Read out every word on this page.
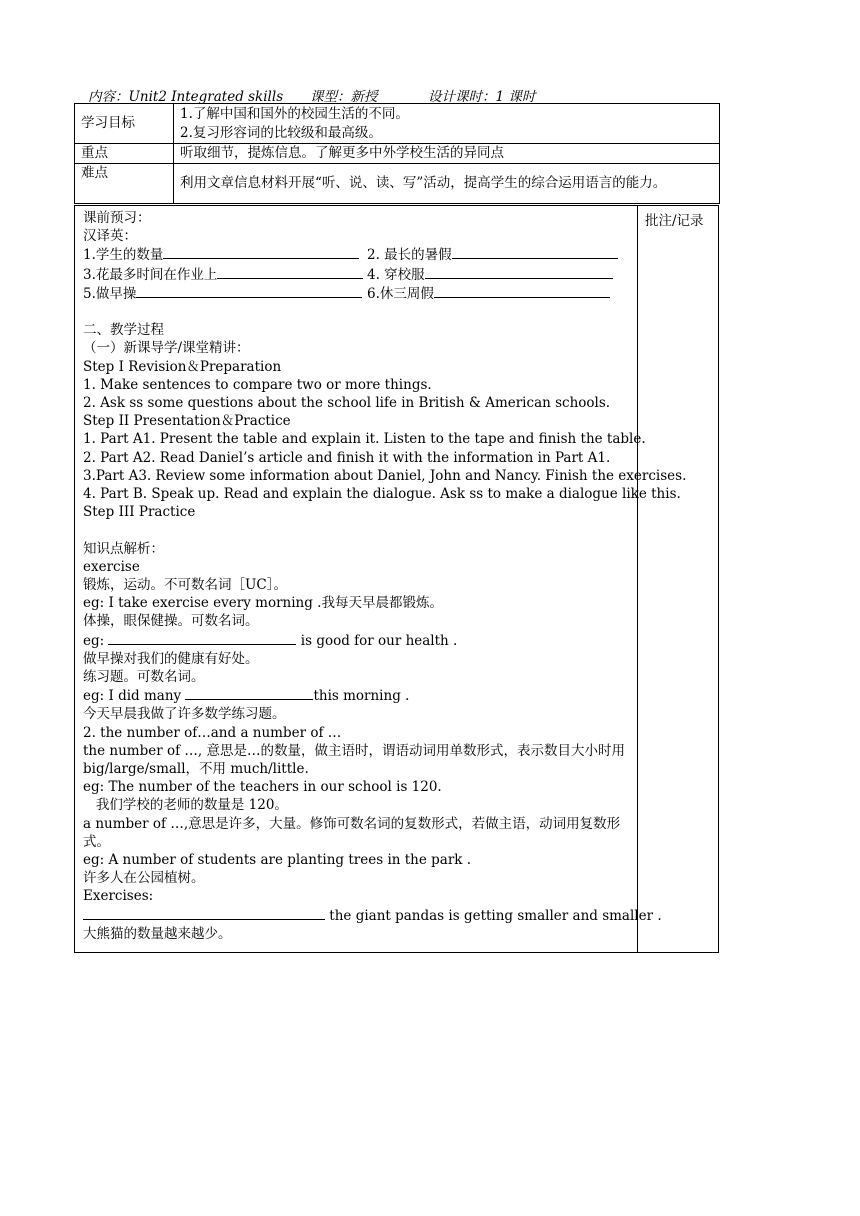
内容：Unit2 Integrated skills 课型：新授	设计课时：1 课时
学习目标	1.了解中国和国外的校园生活的不同。
2.复习形容词的比较级和最高级。

重点	听取细节，提炼信息。了解更多中外学校生活的异同点
难点	利用文章信息材料开展“听、说、读、写”活动，提高学生的综合运用语言的能力。
批注/记录
课前预习：
汉译英：
1.学生的数量	2. 最长的暑假
3.花最多时间在作业上	4. 穿校服
5.做早操	6.休三周假
二、教学过程
（一）新课导学/课堂精讲：
Step I Revision＆Preparation
1. Make sentences to compare two or more things.
2. Ask ss some questions about the school life in British & American schools.
Step II Presentation＆Practice
1. Part A1. Present the table and explain it. Listen to the tape and finish the table.
2. Part A2. Read Daniel’s article and finish it with the information in Part A1.
3.Part A3. Review some information about Daniel, John and Nancy. Finish the exercises.
4. Part B. Speak up. Read and explain the dialogue. Ask ss to make a dialogue like this.
Step III Practice
知识点解析：
exercise
锻炼，运动。不可数名词［UC］。
eg: I take exercise every morning .我每天早晨都锻炼。
体操，眼保健操。可数名词。
eg:	is good for our health .
做早操对我们的健康有好处。
练习题。可数名词。
eg: I did many	this morning .
今天早晨我做了许多数学练习题。
2. the number of…and a number of …
the number of …, 意思是…的数量，做主语时，谓语动词用单数形式，表示数目大小时用 big/large/small，不用 much/little.
eg: The number of the teachers in our school is 120.
我们学校的老师的数量是 120。
a number of …,意思是许多，大量。修饰可数名词的复数形式，若做主语，动词用复数形式。
eg: A number of students are planting trees in the park .
许多人在公园植树。
Exercises:
the giant pandas is getting smaller and smaller .
大熊猫的数量越来越少。
